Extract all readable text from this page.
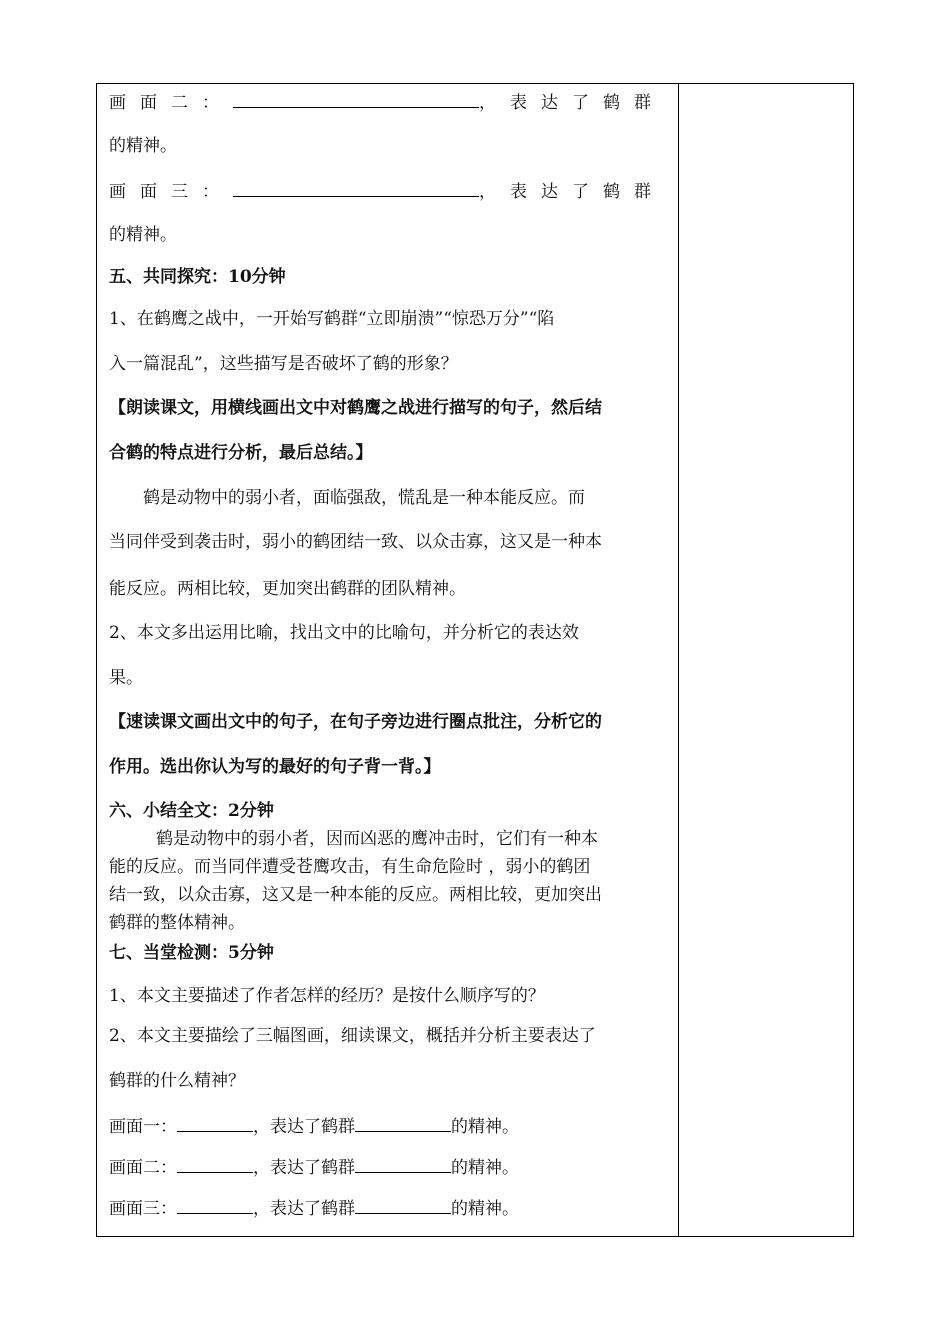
画面二：	，表达了鹤群
的精神。
画面三：	，表达了鹤群
的精神。
五、共同探究：10分钟
1、在鹤鹰之战中，一开始写鹤群“立即崩溃”“惊恐万分”“陷
入一篇混乱”，这些描写是否破坏了鹤的形象？
【朗读课文，用横线画出文中对鹤鹰之战进行描写的句子，然后结
合鹤的特点进行分析，最后总结。】
鹤是动物中的弱小者，面临强敌，慌乱是一种本能反应。而
当同伴受到袭击时，弱小的鹤团结一致、以众击寡，这又是一种本
能反应。两相比较，更加突出鹤群的团队精神。
2、本文多出运用比喻，找出文中的比喻句，并分析它的表达效
果。
【速读课文画出文中的句子，在句子旁边进行圈点批注，分析它的
作用。选出你认为写的最好的句子背一背。】
六、小结全文：2分钟
鹤是动物中的弱小者，因而凶恶的鹰冲击时，它们有一种本
能的反应。而当同伴遭受苍鹰攻击，有生命危险时 ，弱小的鹤团
结一致，以众击寡，这又是一种本能的反应。两相比较，更加突出
鹤群的整体精神。
七、当堂检测：5分钟
1、本文主要描述了作者怎样的经历？是按什么顺序写的？
2、本文主要描绘了三幅图画，细读课文，概括并分析主要表达了
鹤群的什么精神？
画面一：	，表达了鹤群	的精神。
画面二：	，表达了鹤群	的精神。
画面三：	，表达了鹤群	的精神。
